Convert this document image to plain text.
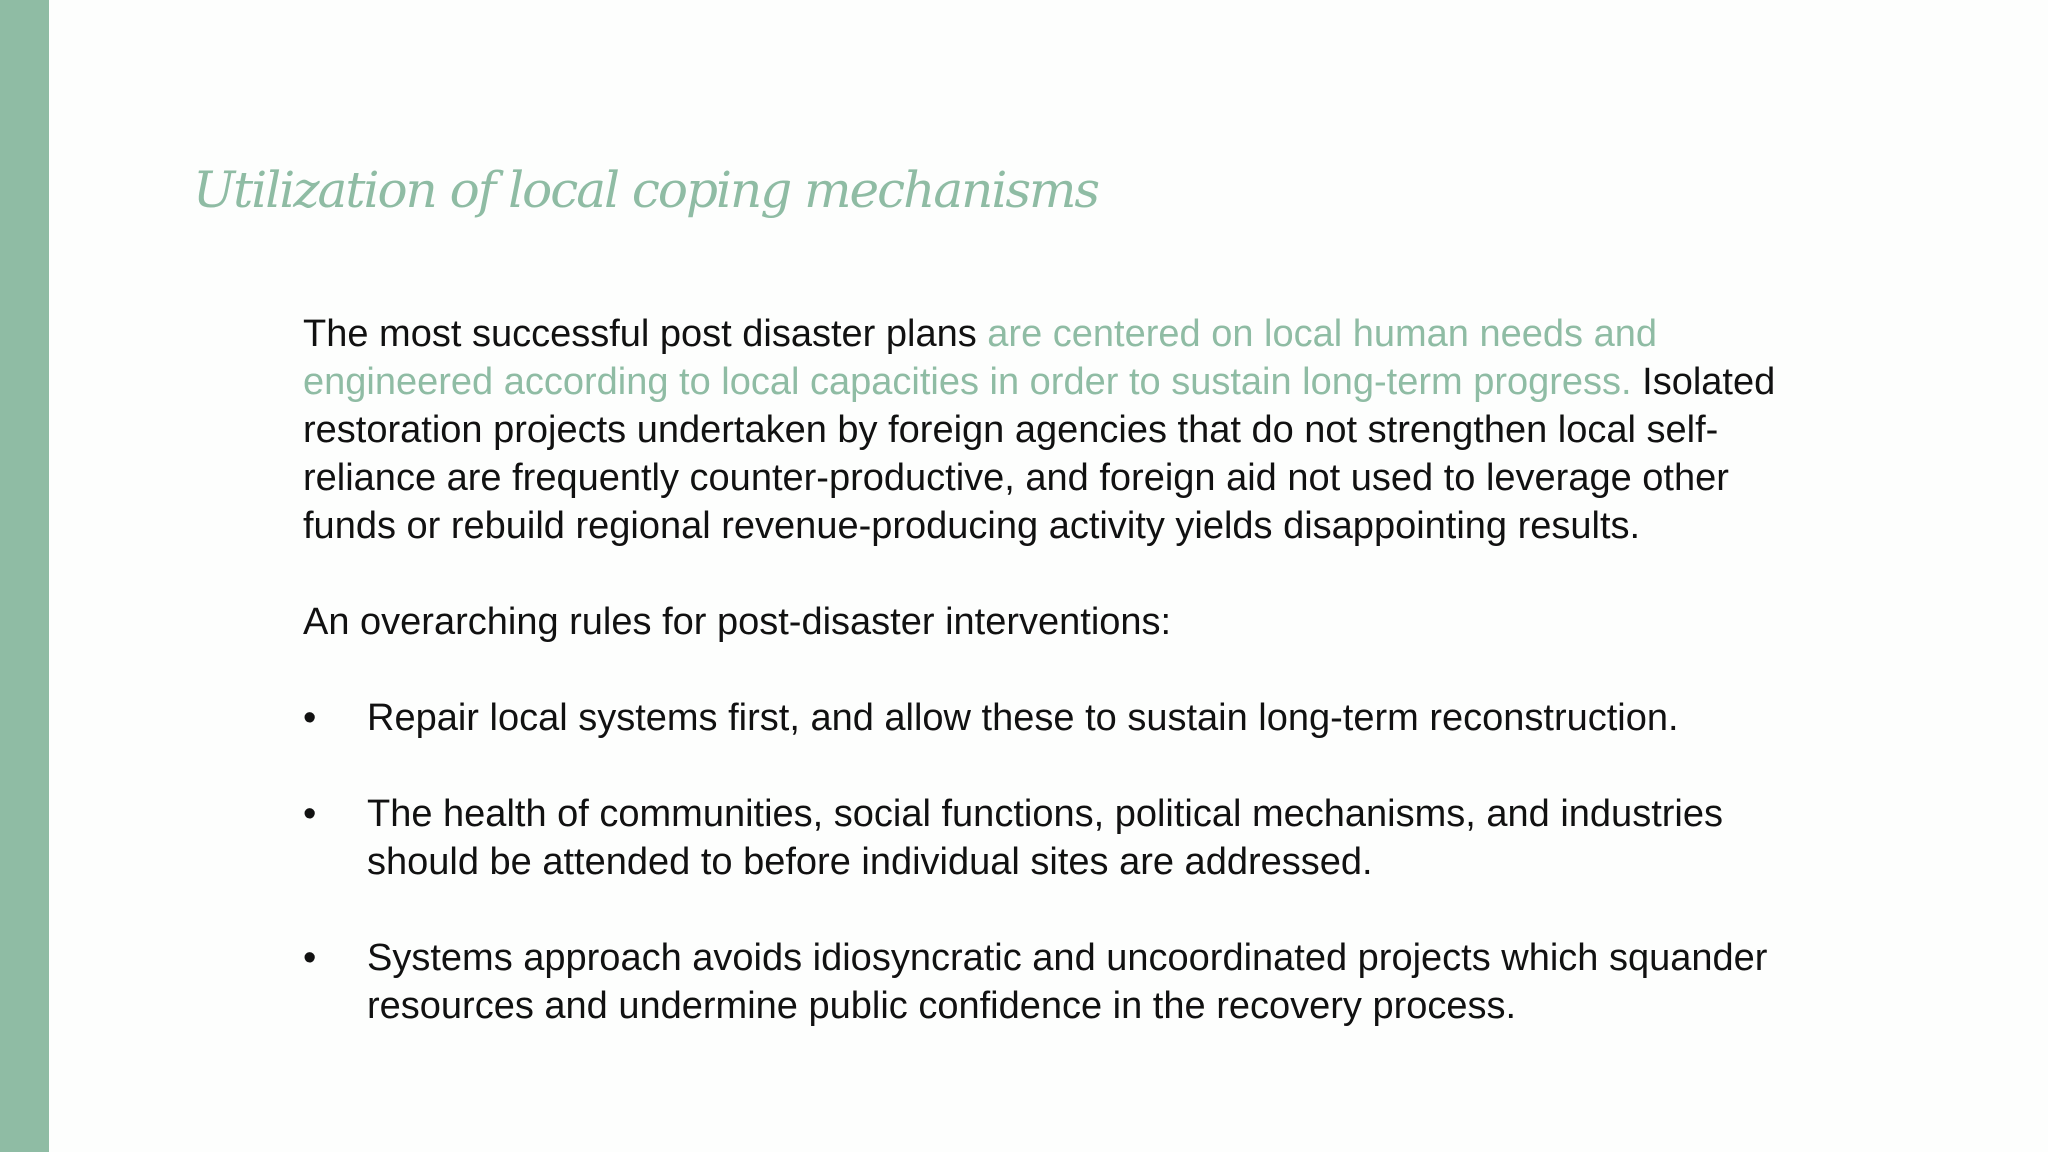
Utilization of local coping mechanisms

The most successful post disaster plans are centered on local human needs and engineered according to local capacities in order to sustain long-term progress. Isolated restoration projects undertaken by foreign agencies that do not strengthen local self-reliance are frequently counter-productive, and foreign aid not used to leverage other funds or rebuild regional revenue-producing activity yields disappointing results.

An overarching rules for post-disaster interventions:

• Repair local systems first, and allow these to sustain long-term reconstruction.
• The health of communities, social functions, political mechanisms, and industries should be attended to before individual sites are addressed.
• Systems approach avoids idiosyncratic and uncoordinated projects which squander resources and undermine public confidence in the recovery process.
